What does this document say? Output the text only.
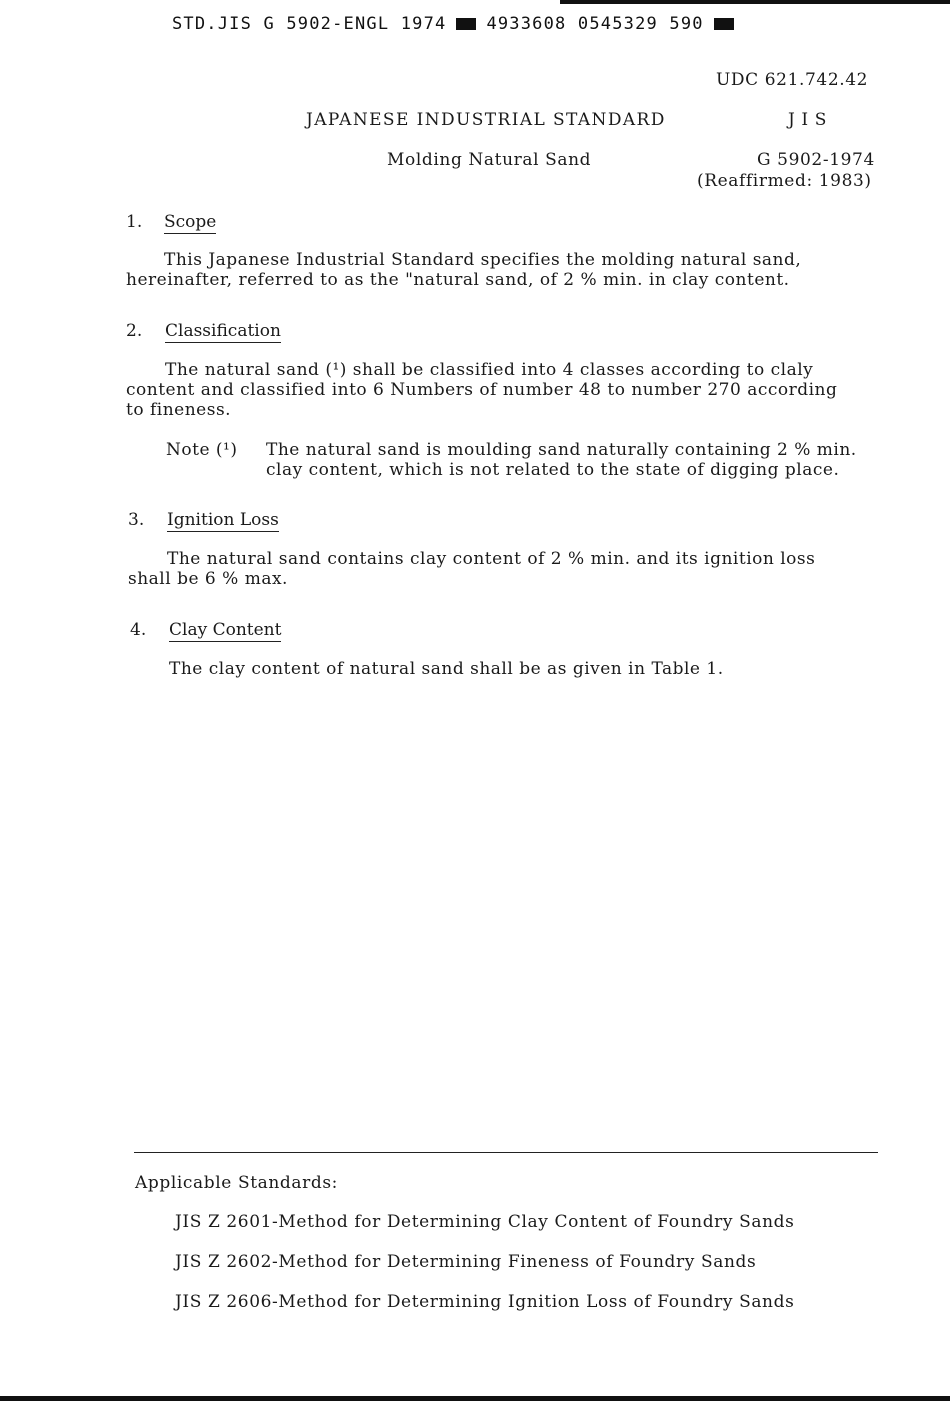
STD.JIS G 5902-ENGL 1974 4933608 0545329 590
UDC 621.742.42
JAPANESE INDUSTRIAL STANDARD	J I S
Molding Natural Sand	G 5902-1974
(Reaffirmed: 1983)
1. Scope
This Japanese Industrial Standard specifies the molding natural sand,
hereinafter, referred to as the "natural sand, of 2 % min. in clay content.
2. Classification
The natural sand (¹) shall be classified into 4 classes according to claly
content and classified into 6 Numbers of number 48 to number 270 according
to fineness.
Note (¹) The natural sand is moulding sand naturally containing 2 % min.
clay content, which is not related to the state of digging place.
3. Ignition Loss
The natural sand contains clay content of 2 % min. and its ignition loss
shall be 6 % max.
4. Clay Content
The clay content of natural sand shall be as given in Table 1.
Applicable Standards:
JIS Z 2601-Method for Determining Clay Content of Foundry Sands
JIS Z 2602-Method for Determining Fineness of Foundry Sands
JIS Z 2606-Method for Determining Ignition Loss of Foundry Sands
